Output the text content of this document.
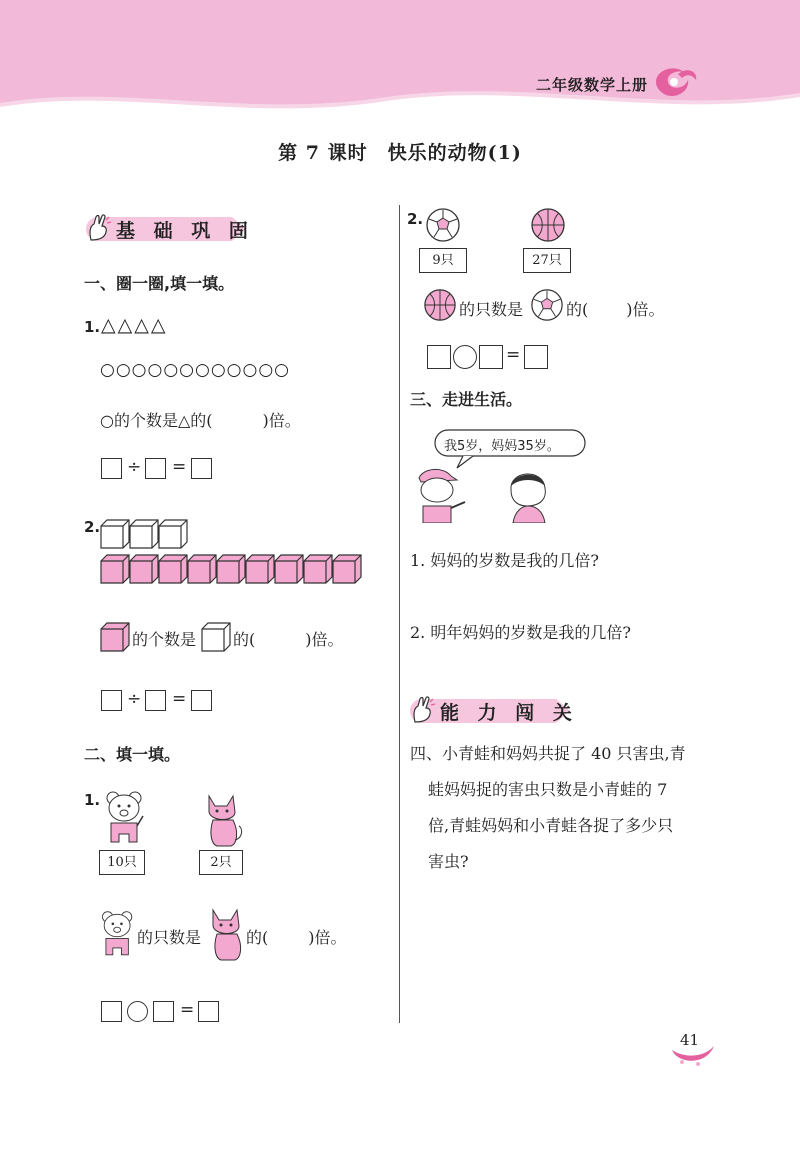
二年级数学上册
第 7 课时　快乐的动物(1)
基 础 巩 固
一、圈一圈,填一填。
1. △△△△
○○○○○○○○○○○○
○的个数是△的(	)倍。
÷ =
2.
的个数是 的(	)倍。
÷ =
二、填一填。
1.
10只	2只
的只数是	的(	)倍。
=
2.
9只	27只
的只数是	的( )倍。
=
三、走进生活。
我5岁，妈妈35岁。
1. 妈妈的岁数是我的几倍?
2. 明年妈妈的岁数是我的几倍?
能 力 闯 关
四、小青蛙和妈妈共捉了 40 只害虫,青
蛙妈妈捉的害虫只数是小青蛙的 7
倍,青蛙妈妈和小青蛙各捉了多少只
害虫?
41
